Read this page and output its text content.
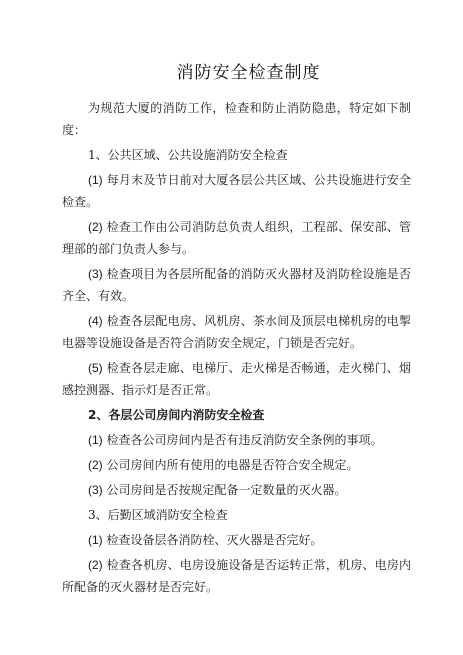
消防安全检查制度

为规范大厦的消防工作，检查和防止消防隐患，特定如下制度：

1、公共区域、公共设施消防安全检查

(1) 每月末及节日前对大厦各层公共区域、公共设施进行安全检查。

(2) 检查工作由公司消防总负责人组织，工程部、保安部、管理部的部门负责人参与。

(3) 检查项目为各层所配备的消防灭火器材及消防栓设施是否齐全、有效。

(4) 检查各层配电房、风机房、茶水间及顶层电梯机房的电掣电器等设施设备是否符合消防安全规定，门锁是否完好。

(5) 检查各层走廊、电梯厅、走火梯是否畅通，走火梯门、烟感控测器、指示灯是否正常。

2、各层公司房间内消防安全检查

(1) 检查各公司房间内是否有违反消防安全条例的事项。

(2) 公司房间内所有使用的电器是否符合安全规定。

(3) 公司房间是否按规定配备一定数量的灭火器。

3、后勤区域消防安全检查

(1) 检查设备层各消防栓、灭火器是否完好。

(2) 检查各机房、电房设施设备是否运转正常，机房、电房内所配备的灭火器材是否完好。
